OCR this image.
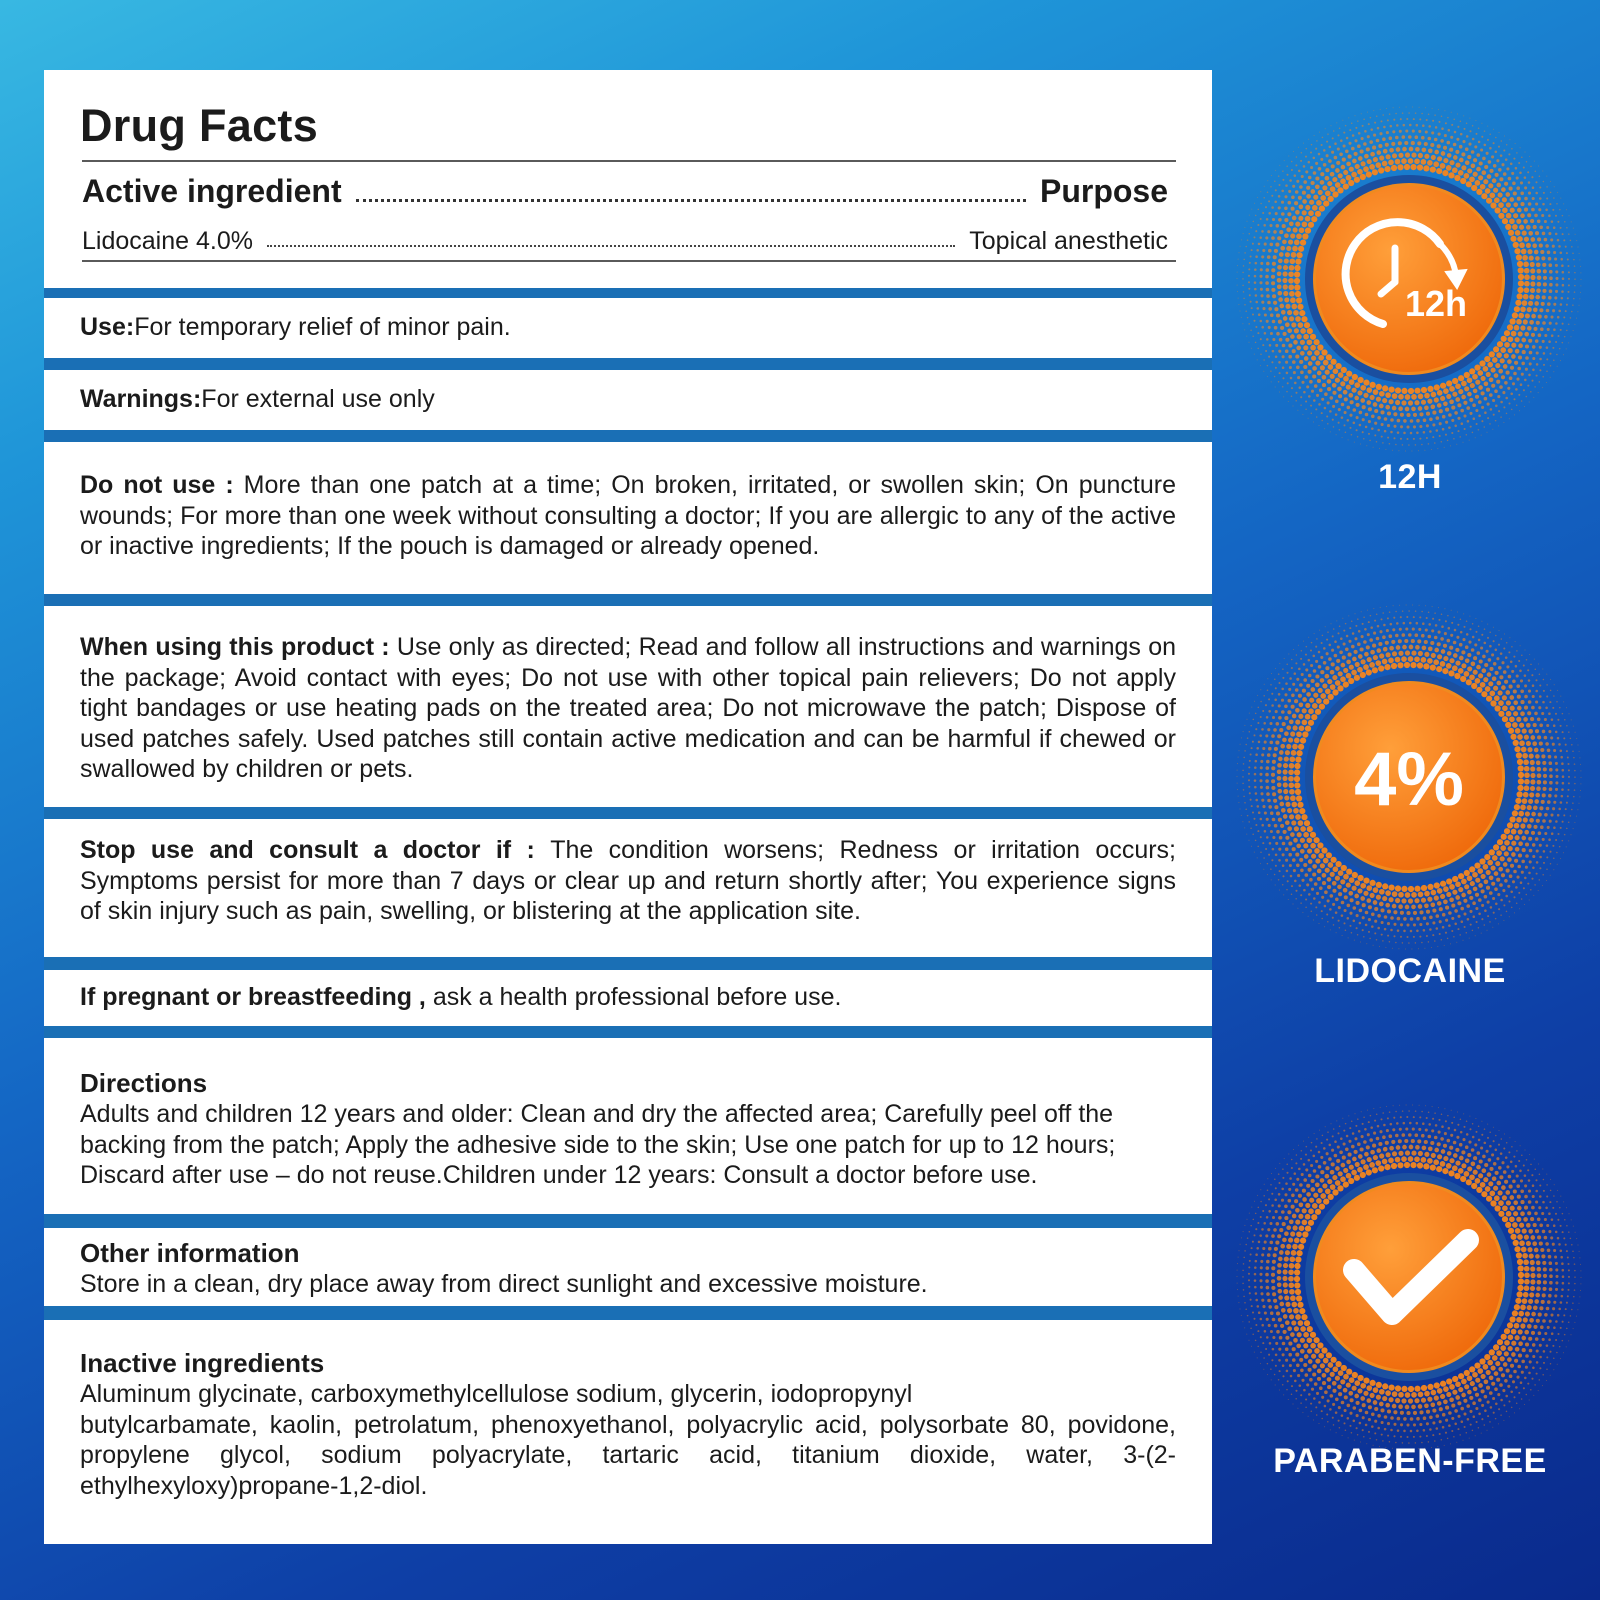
Drug Facts
Active ingredient	Purpose
Lidocaine 4.0%	Topical anesthetic

Use:For temporary relief of minor pain.

Warnings:For external use only

Do not use : More than one patch at a time; On broken, irritated, or swollen skin; On puncture wounds; For more than one week without consulting a doctor; If you are allergic to any of the active or inactive ingredients; If the pouch is damaged or already opened.

When using this product : Use only as directed; Read and follow all instructions and warnings on the package; Avoid contact with eyes; Do not use with other topical pain relievers; Do not apply tight bandages or use heating pads on the treated area; Do not microwave the patch; Dispose of used patches safely. Used patches still contain active medication and can be harmful if chewed or swallowed by children or pets.

Stop use and consult a doctor if : The condition worsens; Redness or irritation occurs; Symptoms persist for more than 7 days or clear up and return shortly after; You experience signs of skin injury such as pain, swelling, or blistering at the application site.

If pregnant or breastfeeding , ask a health professional before use.

Directions

Adults and children 12 years and older: Clean and dry the affected area; Carefully peel off the backing from the patch; Apply the adhesive side to the skin; Use one patch for up to 12 hours; Discard after use – do not reuse.Children under 12 years: Consult a doctor before use.

Other information

Store in a clean, dry place away from direct sunlight and excessive moisture.

Inactive ingredients

Aluminum glycinate, carboxymethylcellulose sodium, glycerin, iodopropynyl

butylcarbamate, kaolin, petrolatum, phenoxyethanol, polyacrylic acid, polysorbate 80, povidone, propylene glycol, sodium polyacrylate, tartaric acid, titanium dioxide, water, 3-(2-ethylhexyloxy)propane-1,2-diol.

12h
12H
4%
LIDOCAINE
PARABEN-FREE
